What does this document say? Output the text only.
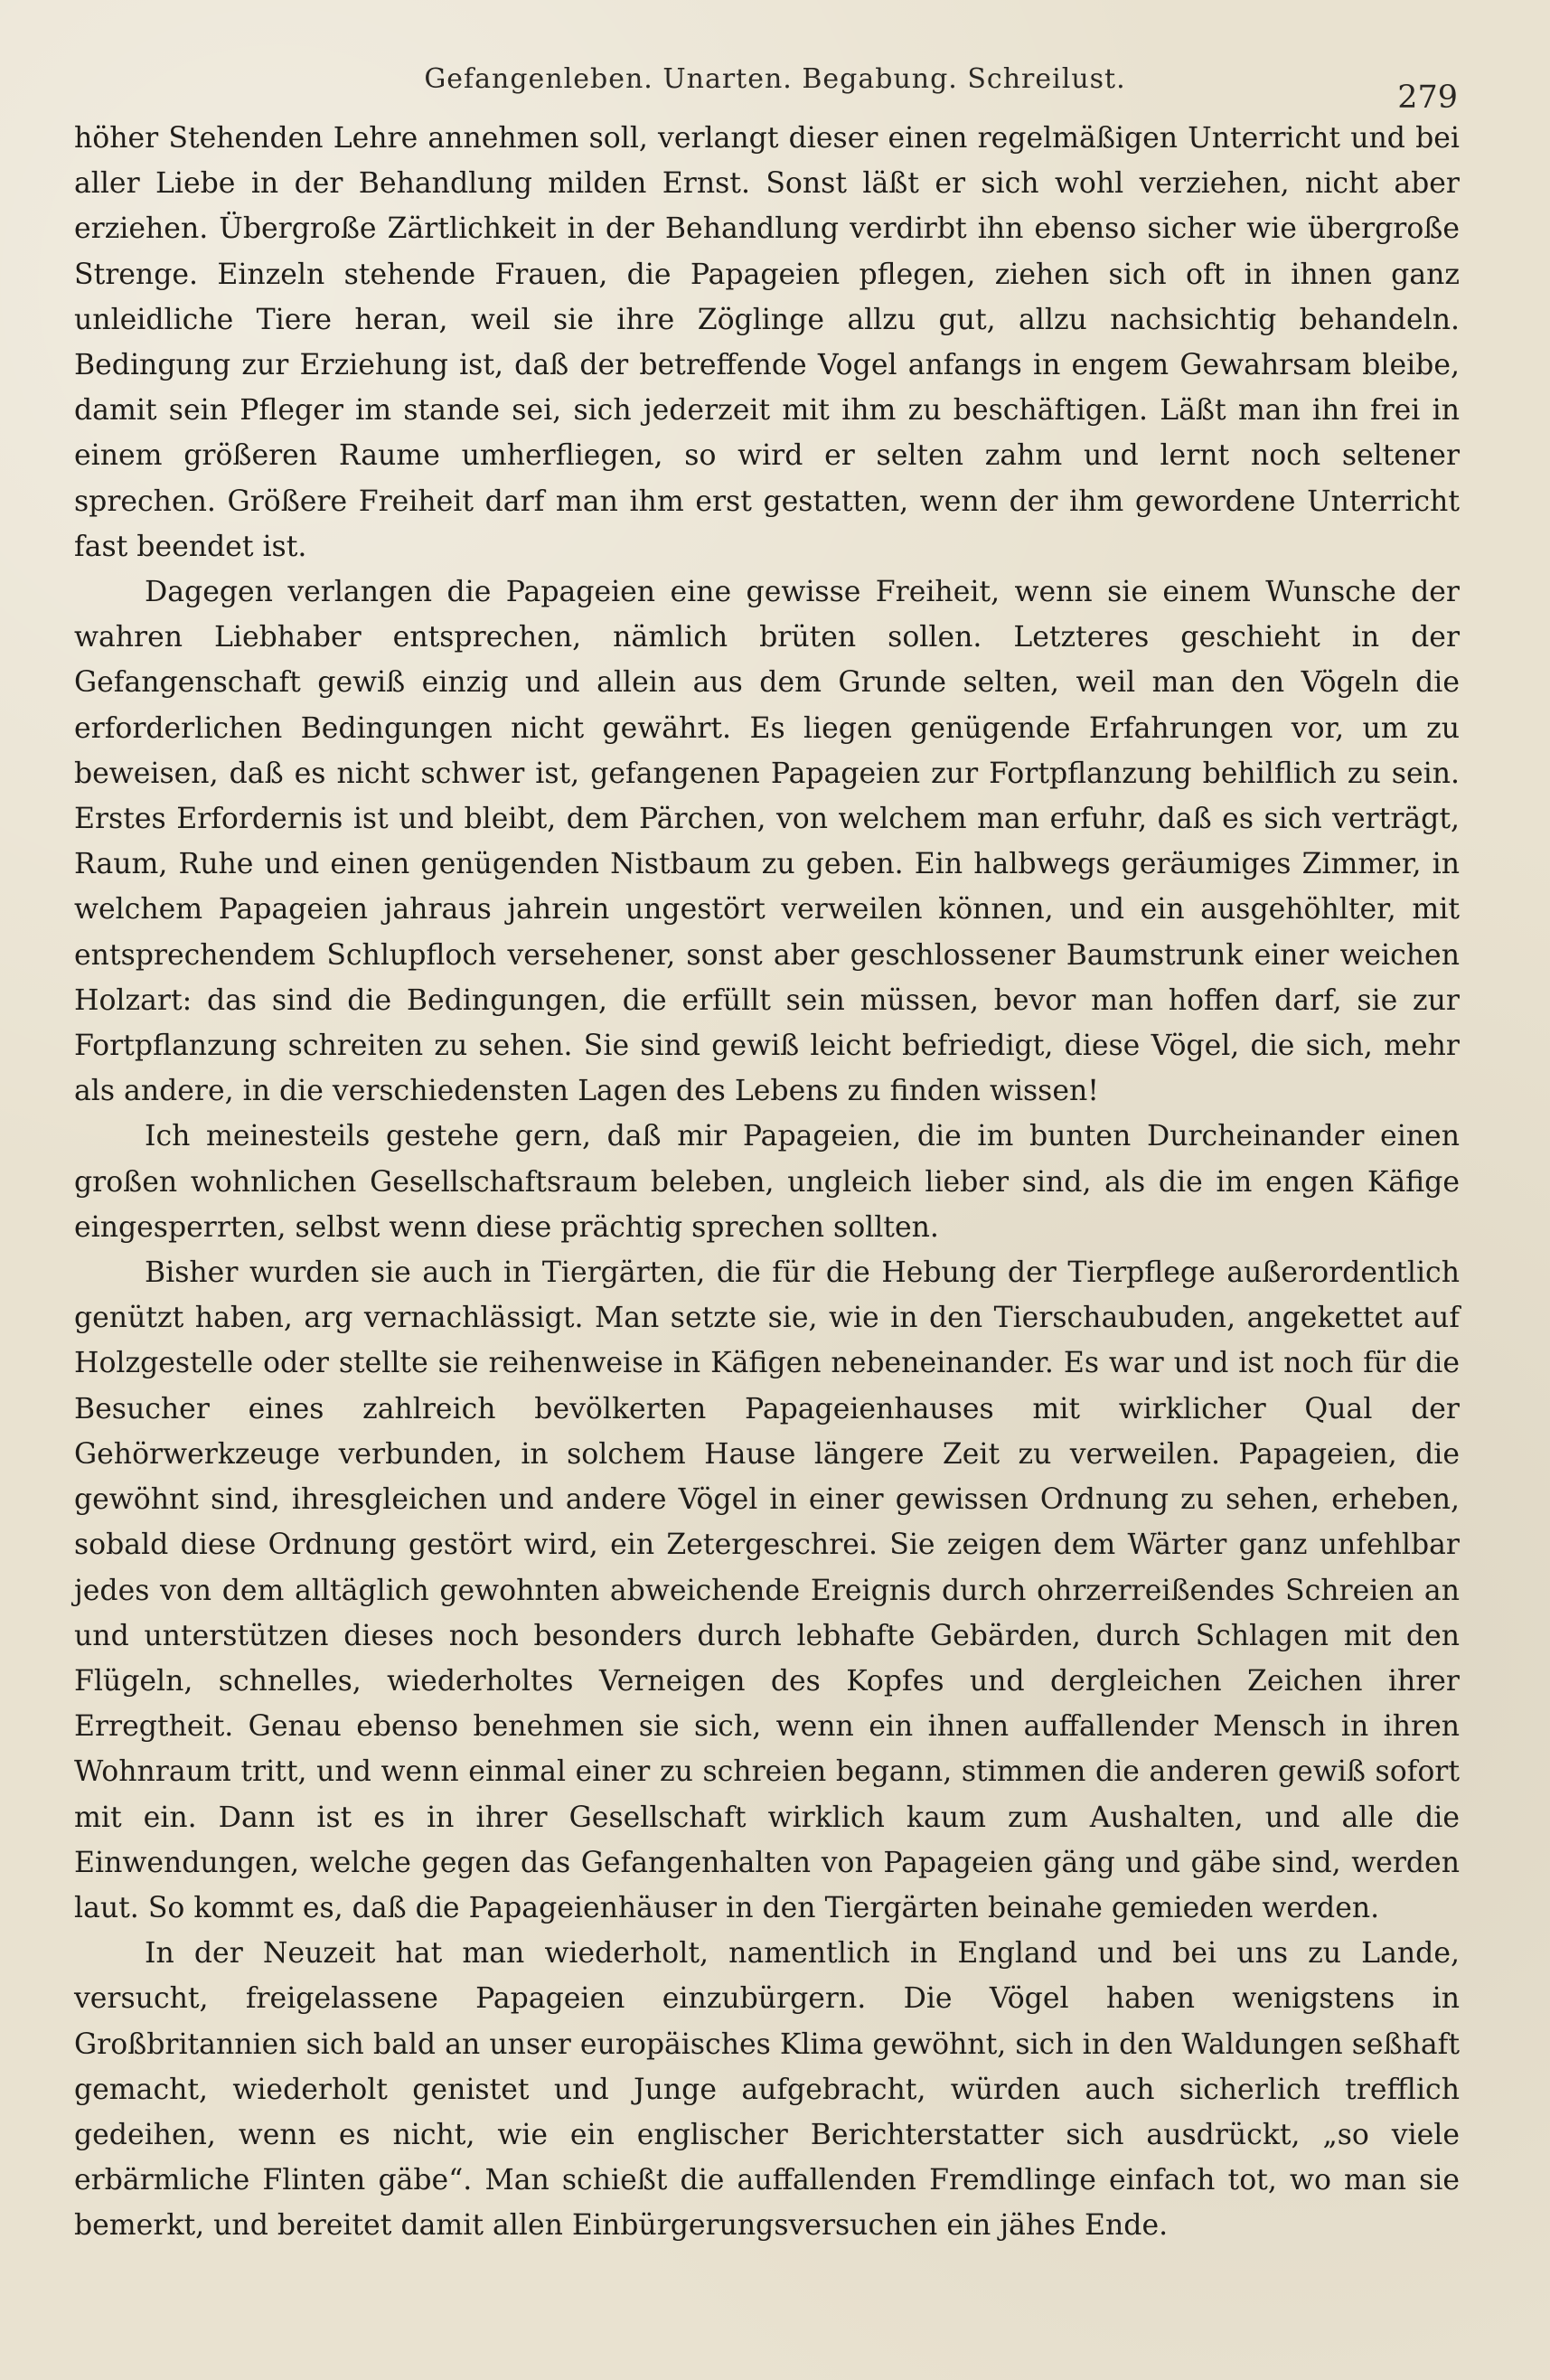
Gefangenleben. Unarten. Begabung. Schreilust.
279

höher Stehenden Lehre annehmen soll, verlangt dieser einen regelmäßigen Unterricht und bei aller Liebe in der Behandlung milden Ernst. Sonst läßt er sich wohl verziehen, nicht aber erziehen. Übergroße Zärtlichkeit in der Behandlung verdirbt ihn ebenso sicher wie übergroße Strenge. Einzeln stehende Frauen, die Papageien pflegen, ziehen sich oft in ihnen ganz unleidliche Tiere heran, weil sie ihre Zöglinge allzu gut, allzu nachsichtig behandeln. Bedingung zur Erziehung ist, daß der betreffende Vogel anfangs in engem Gewahrsam bleibe, damit sein Pfleger im stande sei, sich jederzeit mit ihm zu beschäftigen. Läßt man ihn frei in einem größeren Raume umherfliegen, so wird er selten zahm und lernt noch seltener sprechen. Größere Freiheit darf man ihm erst gestatten, wenn der ihm gewordene Unterricht fast beendet ist.

Dagegen verlangen die Papageien eine gewisse Freiheit, wenn sie einem Wunsche der wahren Liebhaber entsprechen, nämlich brüten sollen. Letzteres geschieht in der Gefangenschaft gewiß einzig und allein aus dem Grunde selten, weil man den Vögeln die erforderlichen Bedingungen nicht gewährt. Es liegen genügende Erfahrungen vor, um zu beweisen, daß es nicht schwer ist, gefangenen Papageien zur Fortpflanzung behilflich zu sein. Erstes Erfordernis ist und bleibt, dem Pärchen, von welchem man erfuhr, daß es sich verträgt, Raum, Ruhe und einen genügenden Nistbaum zu geben. Ein halbwegs geräumiges Zimmer, in welchem Papageien jahraus jahrein ungestört verweilen können, und ein ausgehöhlter, mit entsprechendem Schlupfloch versehener, sonst aber geschlossener Baumstrunk einer weichen Holzart: das sind die Bedingungen, die erfüllt sein müssen, bevor man hoffen darf, sie zur Fortpflanzung schreiten zu sehen. Sie sind gewiß leicht befriedigt, diese Vögel, die sich, mehr als andere, in die verschiedensten Lagen des Lebens zu finden wissen!

Ich meinesteils gestehe gern, daß mir Papageien, die im bunten Durcheinander einen großen wohnlichen Gesellschaftsraum beleben, ungleich lieber sind, als die im engen Käfige eingesperrten, selbst wenn diese prächtig sprechen sollten.

Bisher wurden sie auch in Tiergärten, die für die Hebung der Tierpflege außerordentlich genützt haben, arg vernachlässigt. Man setzte sie, wie in den Tierschaubuden, angekettet auf Holzgestelle oder stellte sie reihenweise in Käfigen nebeneinander. Es war und ist noch für die Besucher eines zahlreich bevölkerten Papageienhauses mit wirklicher Qual der Gehörwerkzeuge verbunden, in solchem Hause längere Zeit zu verweilen. Papageien, die gewöhnt sind, ihresgleichen und andere Vögel in einer gewissen Ordnung zu sehen, erheben, sobald diese Ordnung gestört wird, ein Zetergeschrei. Sie zeigen dem Wärter ganz unfehlbar jedes von dem alltäglich gewohnten abweichende Ereignis durch ohrzerreißendes Schreien an und unterstützen dieses noch besonders durch lebhafte Gebärden, durch Schlagen mit den Flügeln, schnelles, wiederholtes Verneigen des Kopfes und dergleichen Zeichen ihrer Erregtheit. Genau ebenso benehmen sie sich, wenn ein ihnen auffallender Mensch in ihren Wohnraum tritt, und wenn einmal einer zu schreien begann, stimmen die anderen gewiß sofort mit ein. Dann ist es in ihrer Gesellschaft wirklich kaum zum Aushalten, und alle die Einwendungen, welche gegen das Gefangenhalten von Papageien gäng und gäbe sind, werden laut. So kommt es, daß die Papageienhäuser in den Tiergärten beinahe gemieden werden.

In der Neuzeit hat man wiederholt, namentlich in England und bei uns zu Lande, versucht, freigelassene Papageien einzubürgern. Die Vögel haben wenigstens in Großbritannien sich bald an unser europäisches Klima gewöhnt, sich in den Waldungen seßhaft gemacht, wiederholt genistet und Junge aufgebracht, würden auch sicherlich trefflich gedeihen, wenn es nicht, wie ein englischer Berichterstatter sich ausdrückt, „so viele erbärmliche Flinten gäbe“. Man schießt die auffallenden Fremdlinge einfach tot, wo man sie bemerkt, und bereitet damit allen Einbürgerungsversuchen ein jähes Ende.
